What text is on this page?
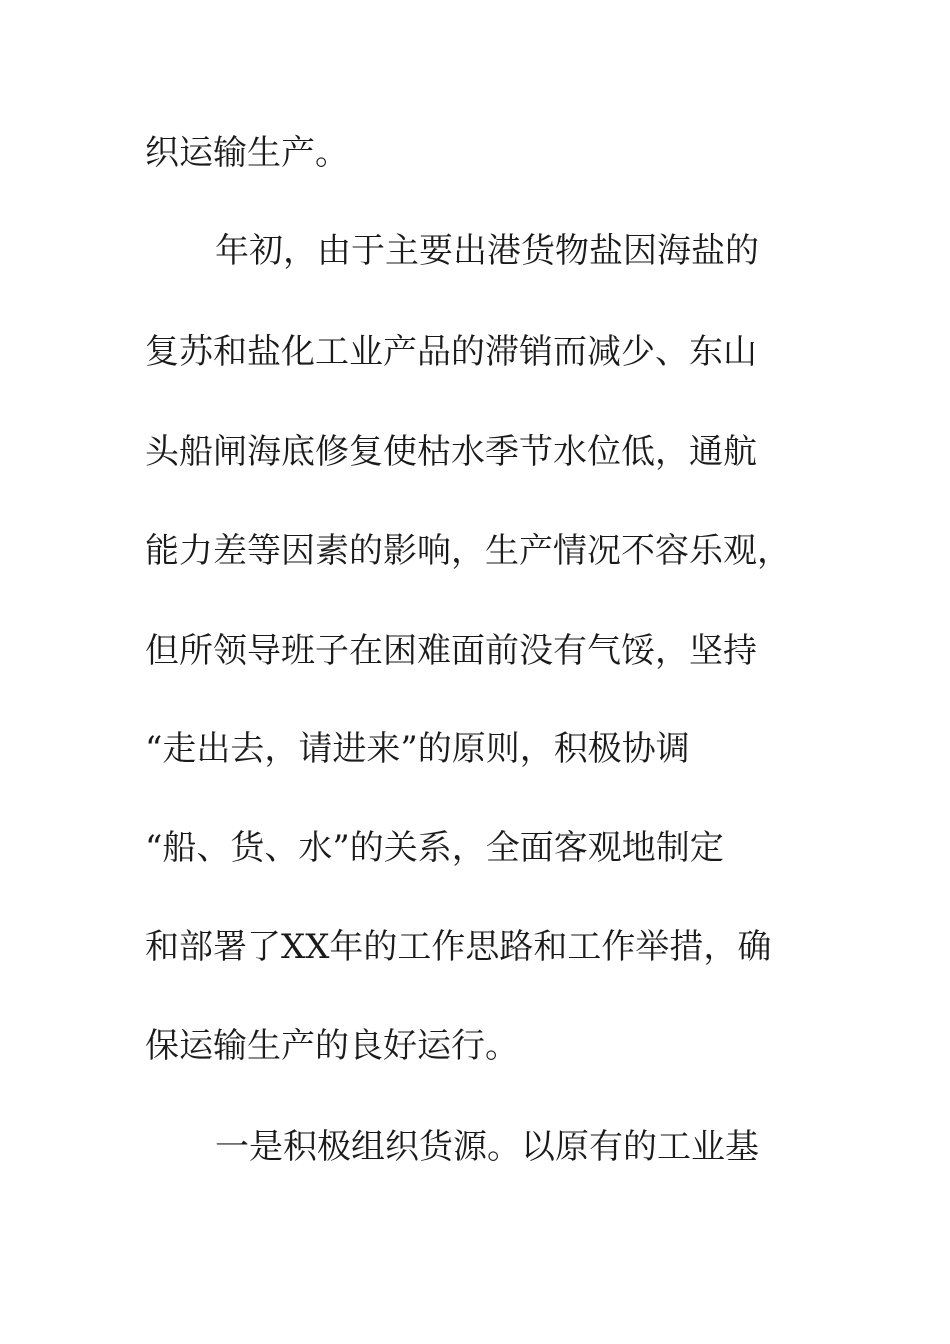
织运输生产。
年初，由于主要出港货物盐因海盐的
复苏和盐化工业产品的滞销而减少、东山
头船闸海底修复使枯水季节水位低，通航
能力差等因素的影响，生产情况不容乐观，
但所领导班子在困难面前没有气馁，坚持
“走出去，请进来”的原则，积极协调
“船、货、水”的关系，全面客观地制定
和部署了XX年的工作思路和工作举措，确
保运输生产的良好运行。
一是积极组织货源。以原有的工业基
